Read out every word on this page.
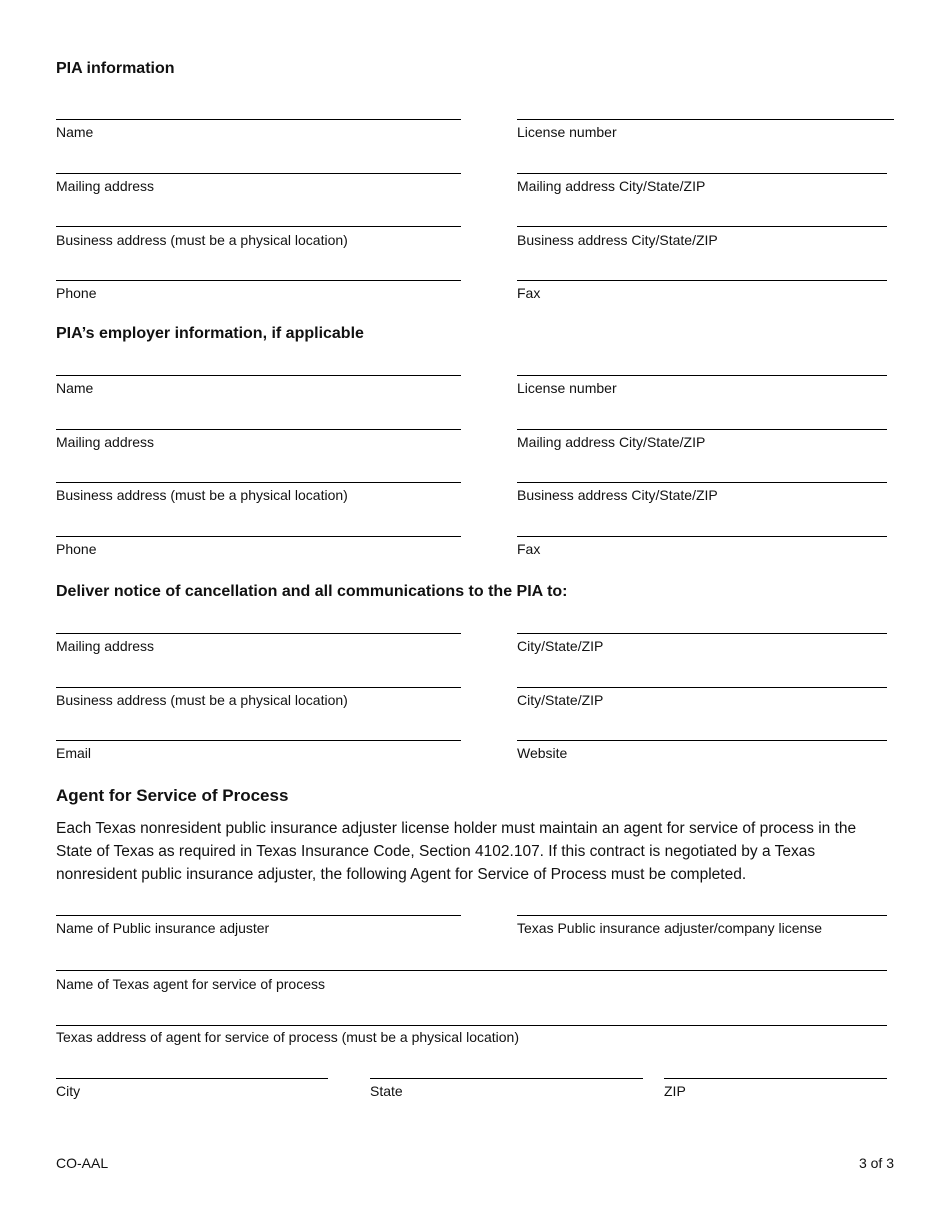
PIA information
Name	License number
Mailing address	Mailing address City/State/ZIP
Business address (must be a physical location)	Business address City/State/ZIP
Phone	Fax
PIA’s employer information, if applicable
Name	License number
Mailing address	Mailing address City/State/ZIP
Business address (must be a physical location)	Business address City/State/ZIP
Phone	Fax
Deliver notice of cancellation and all communications to the PIA to:
Mailing address	City/State/ZIP
Business address (must be a physical location)	City/State/ZIP
Email	Website
Agent for Service of Process
Each Texas nonresident public insurance adjuster license holder must maintain an agent for service of process in the State of Texas as required in Texas Insurance Code, Section 4102.107. If this contract is negotiated by a Texas nonresident public insurance adjuster, the following Agent for Service of Process must be completed.
Name of Public insurance adjuster	Texas Public insurance adjuster/company license
Name of Texas agent for service of process
Texas address of agent for service of process (must be a physical location)
City	State	ZIP
CO-AAL	3 of 3
